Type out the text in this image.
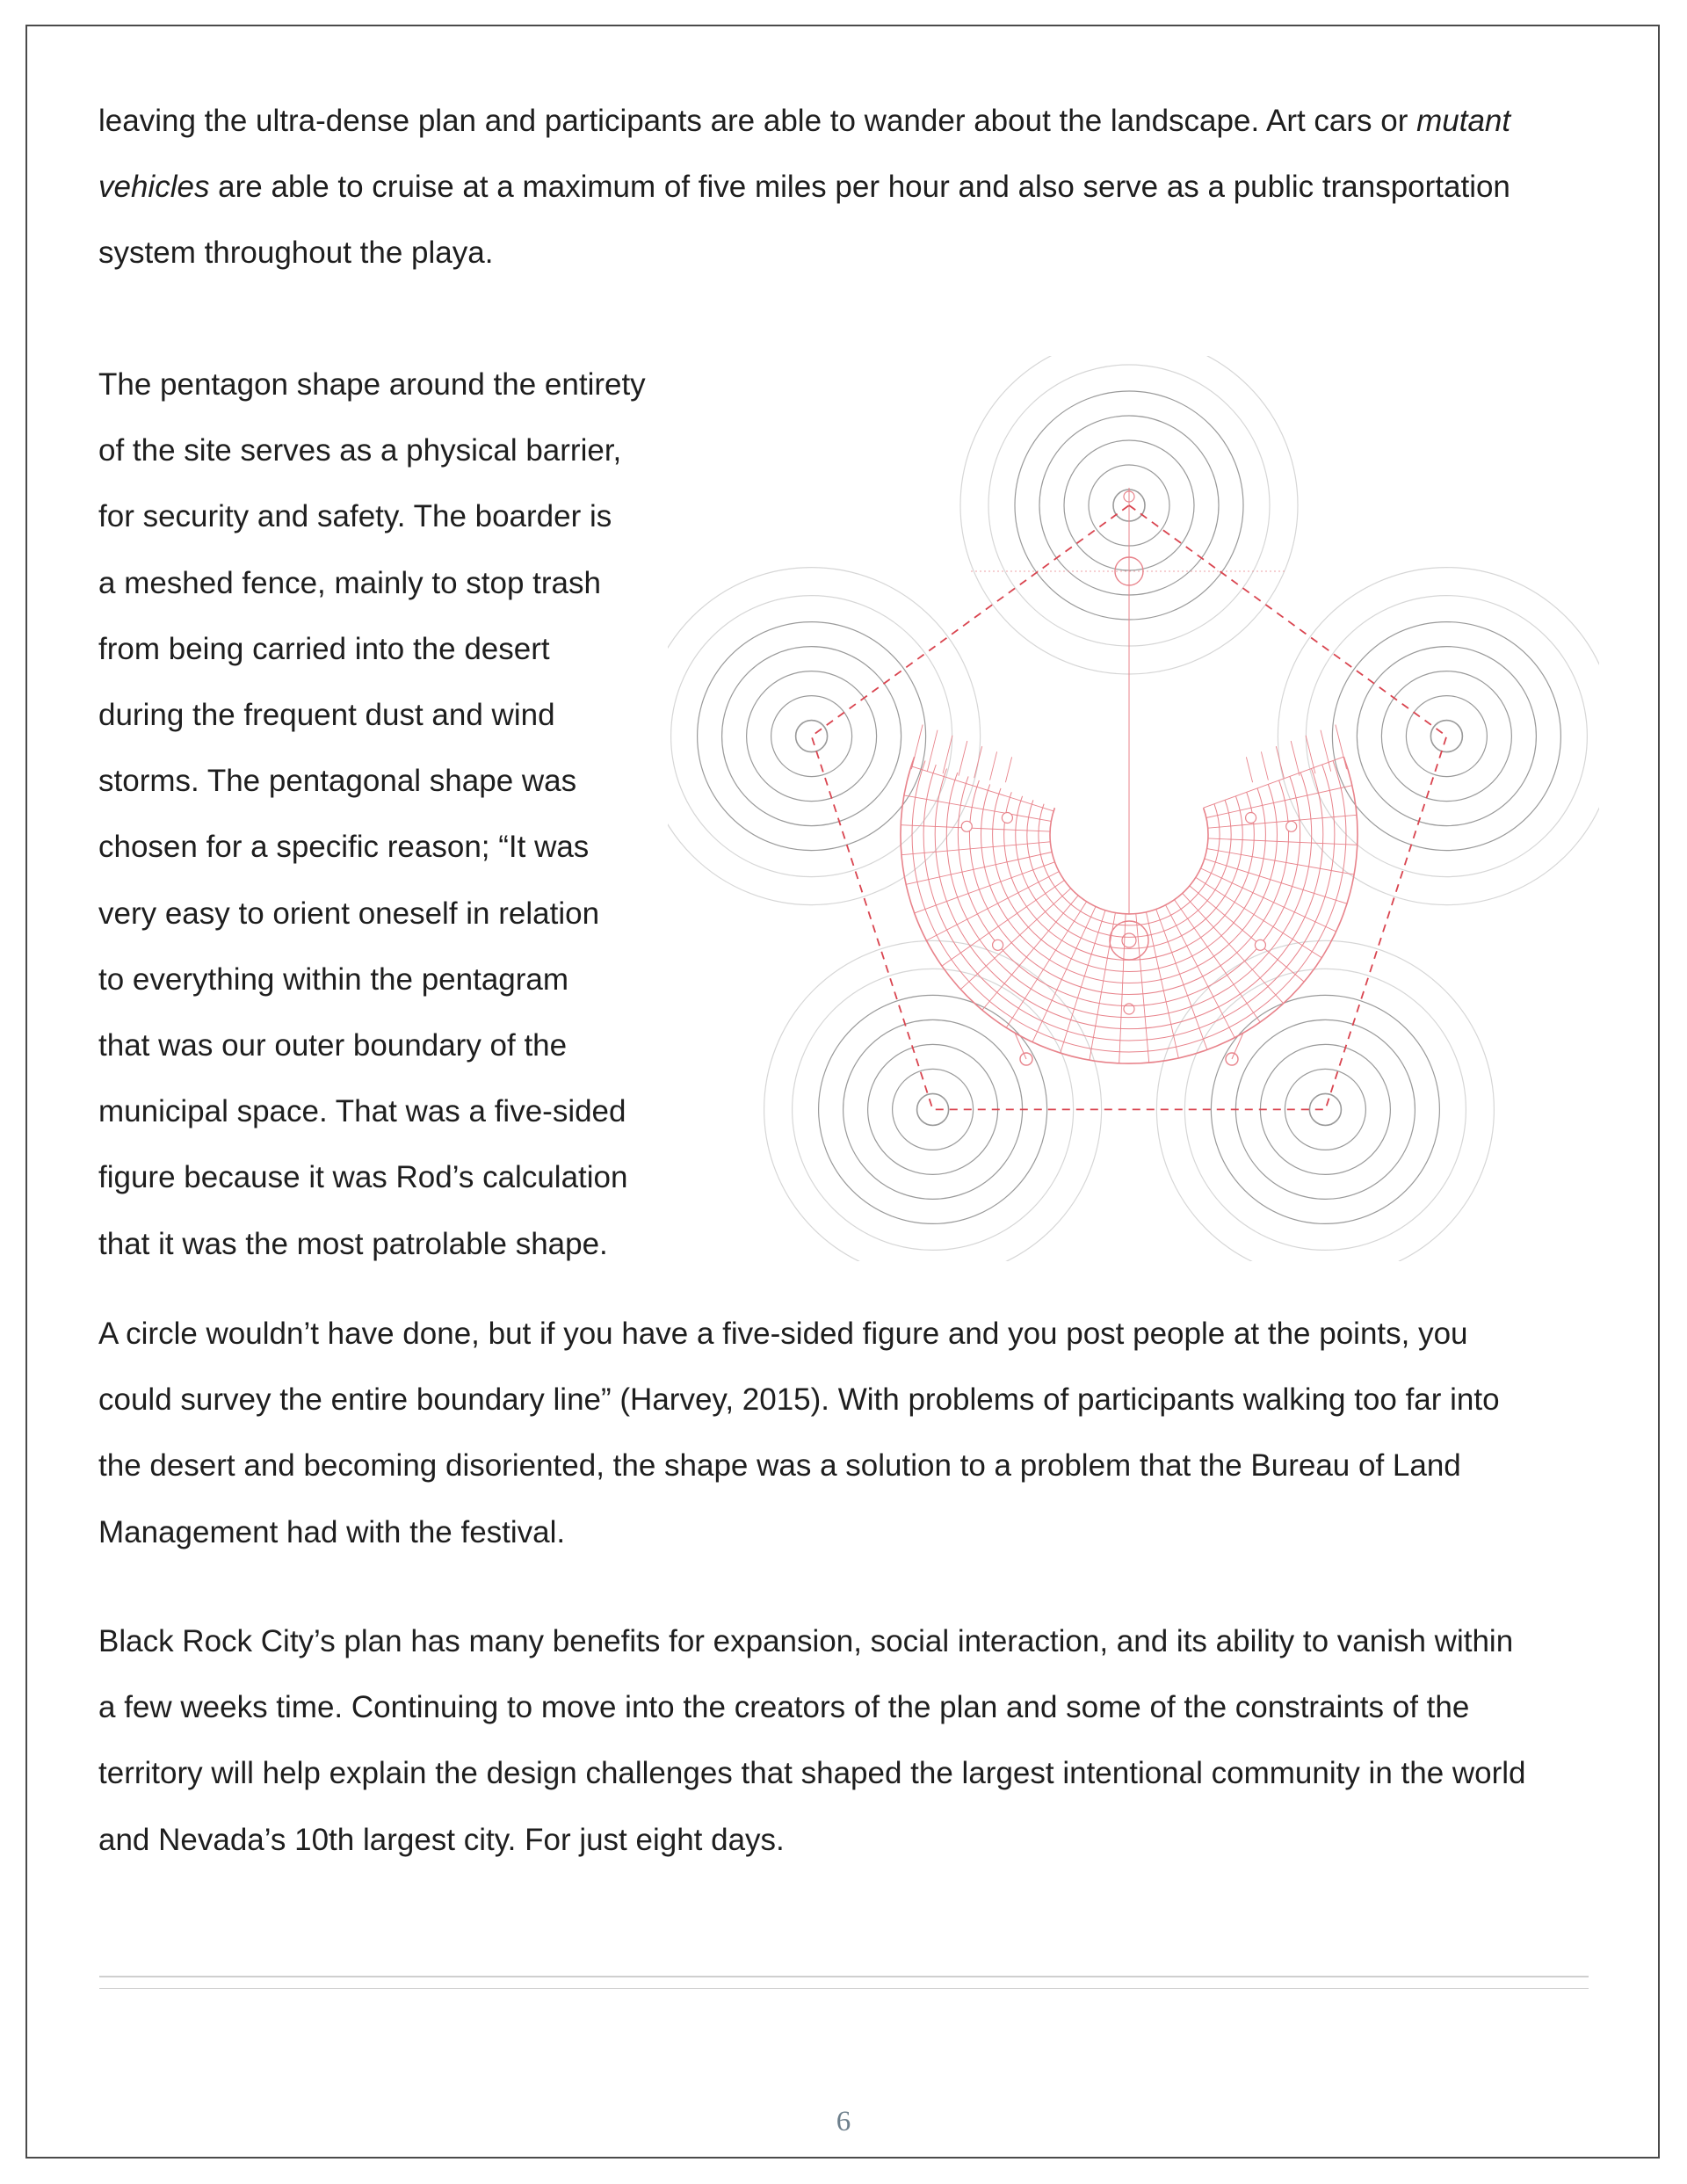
leaving the ultra-dense plan and participants are able to wander about the landscape. Art cars or mutant
vehicles are able to cruise at a maximum of five miles per hour and also serve as a public transportation
system throughout the playa.

The pentagon shape around the entirety
of the site serves as a physical barrier,
for security and safety. The boarder is
a meshed fence, mainly to stop trash
from being carried into the desert
during the frequent dust and wind
storms. The pentagonal shape was
chosen for a specific reason; “It was
very easy to orient oneself in relation
to everything within the pentagram
that was our outer boundary of the
municipal space. That was a five-sided
figure because it was Rod’s calculation
that it was the most patrolable shape.

A circle wouldn’t have done, but if you have a five-sided figure and you post people at the points, you
could survey the entire boundary line” (Harvey, 2015). With problems of participants walking too far into
the desert and becoming disoriented, the shape was a solution to a problem that the Bureau of Land
Management had with the festival.

Black Rock City’s plan has many benefits for expansion, social interaction, and its ability to vanish within
a few weeks time. Continuing to move into the creators of the plan and some of the constraints of the
territory will help explain the design challenges that shaped the largest intentional community in the world
and Nevada’s 10th largest city. For just eight days.

6
